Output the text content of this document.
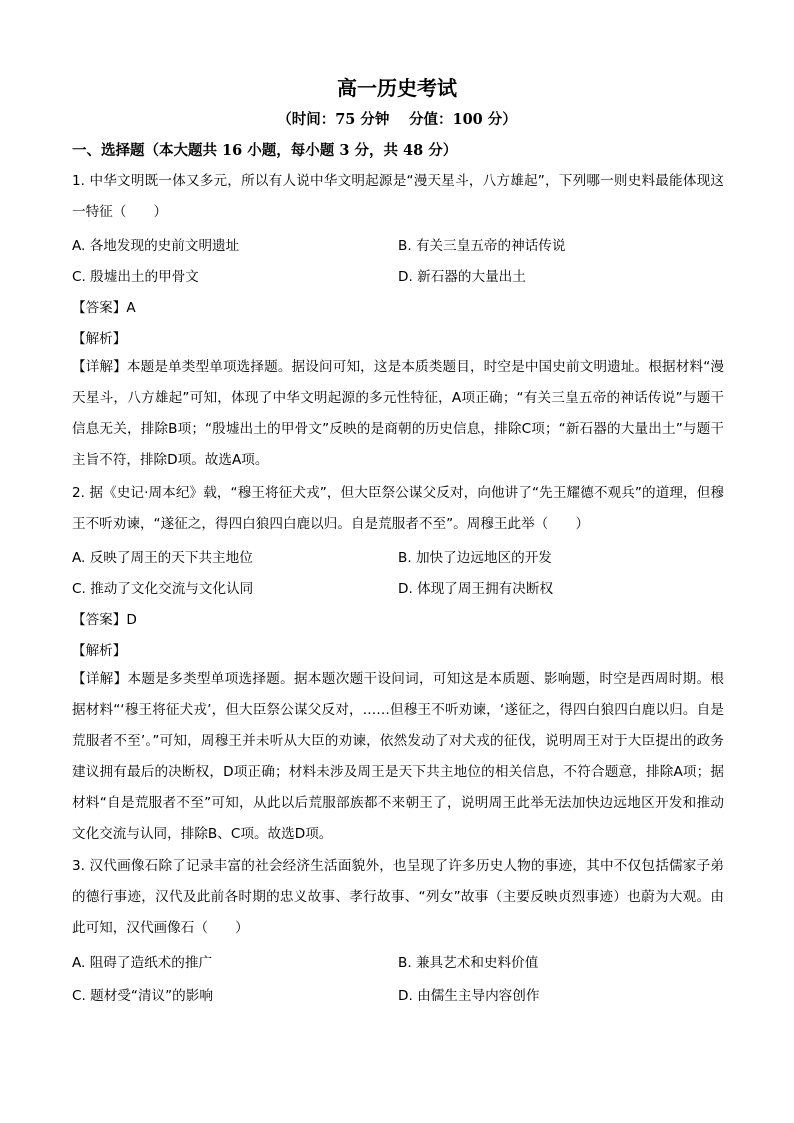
高一历史考试
（时间：75 分钟　 分值：100 分）
一、选择题（本大题共 16 小题，每小题 3 分，共 48 分）
1. 中华文明既一体又多元，所以有人说中华文明起源是“漫天星斗，八方雄起”，下列哪一则史料最能体现这一特征（　　）
A. 各地发现的史前文明遗址	B. 有关三皇五帝的神话传说
C. 殷墟出土的甲骨文	D. 新石器的大量出土
【答案】A
【解析】
【详解】本题是单类型单项选择题。据设问可知，这是本质类题目，时空是中国史前文明遗址。根据材料“漫天星斗，八方雄起”可知，体现了中华文明起源的多元性特征，A项正确；“有关三皇五帝的神话传说”与题干信息无关，排除B项；“殷墟出土的甲骨文”反映的是商朝的历史信息，排除C项；“新石器的大量出土”与题干主旨不符，排除D项。故选A项。
2. 据《史记·周本纪》载，“穆王将征犬戎”，但大臣祭公谋父反对，向他讲了“先王耀德不观兵”的道理，但穆王不听劝谏，“遂征之，得四白狼四白鹿以归。自是荒服者不至”。周穆王此举（　　）
A. 反映了周王的天下共主地位	B. 加快了边远地区的开发
C. 推动了文化交流与文化认同	D. 体现了周王拥有决断权
【答案】D
【解析】
【详解】本题是多类型单项选择题。据本题次题干设问词，可知这是本质题、影响题，时空是西周时期。根据材料“‘穆王将征犬戎’，但大臣祭公谋父反对，……但穆王不听劝谏，‘遂征之，得四白狼四白鹿以归。自是荒服者不至’。”可知，周穆王并未听从大臣的劝谏，依然发动了对犬戎的征伐，说明周王对于大臣提出的政务建议拥有最后的决断权，D项正确；材料未涉及周王是天下共主地位的相关信息，不符合题意，排除A项；据材料“自是荒服者不至”可知，从此以后荒服部族都不来朝王了，说明周王此举无法加快边远地区开发和推动文化交流与认同，排除B、C项。故选D项。
3. 汉代画像石除了记录丰富的社会经济生活面貌外，也呈现了许多历史人物的事迹，其中不仅包括儒家子弟的德行事迹，汉代及此前各时期的忠义故事、孝行故事、“列女”故事（主要反映贞烈事迹）也蔚为大观。由此可知，汉代画像石（　　）
A. 阻碍了造纸术的推广	B. 兼具艺术和史料价值
C. 题材受“清议”的影响	D. 由儒生主导内容创作
